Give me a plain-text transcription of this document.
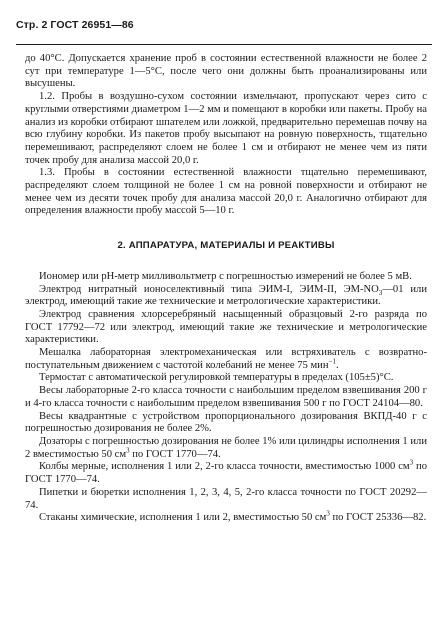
Стр. 2 ГОСТ 26951—86

до 40°С. Допускается хранение проб в состоянии естественной влажности не более 2 сут при температуре 1—5°С, после чего они должны быть проанализированы или высушены.

1.2. Пробы в воздушно-сухом состоянии измельчают, пропускают через сито с круглыми отверстиями диаметром 1—2 мм и помещают в коробки или пакеты. Пробу на анализ из коробки отбирают шпателем или ложкой, предварительно перемешав почву на всю глубину коробки. Из пакетов пробу высыпают на ровную поверхность, тщательно перемешивают, распределяют слоем не более 1 см и отбирают не менее чем из пяти точек пробу для анализа массой 20,0 г.

1.3. Пробы в состоянии естественной влажности тщательно перемешивают, распределяют слоем толщиной не более 1 см на ровной поверхности и отбирают не менее чем из десяти точек пробу для анализа массой 20,0 г. Аналогично отбирают для определения влажности пробу массой 5—10 г.

2. АППАРАТУРА, МАТЕРИАЛЫ И РЕАКТИВЫ

Иономер или рН-метр милливольтметр с погрешностью измерений не более 5 мВ.

Электрод нитратный ионоселективный типа ЭИМ-I, ЭИМ-II, $ЭМ-NO_3—01$ или электрод, имеющий такие же технические и метрологические характеристики.

Электрод сравнения хлорсеребряный насыщенный образцовый 2-го разряда по ГОСТ 17792—72 или электрод, имеющий такие же технические и метрологические характеристики.

Мешалка лабораторная электромеханическая или встряхиватель с возвратно-поступательным движением с частотой колебаний не менее 75 мин$^{-1}$.

Термостат с автоматической регулировкой температуры в пределах (105±5)°С.

Весы лабораторные 2-го класса точности с наибольшим пределом взвешивания 200 г и 4-го класса точности с наибольшим пределом взвешивания 500 г по ГОСТ 24104—80.

Весы квадрантные с устройством пропорционального дозирования ВКПД-40 г с погрешностью дозирования не более 2%.

Дозаторы с погрешностью дозирования не более 1% или цилиндры исполнения 1 или 2 вместимостью 50 $см^3$ по ГОСТ 1770—74.

Колбы мерные, исполнения 1 или 2, 2-го класса точности, вместимостью 1000 $см^3$ по ГОСТ 1770—74.

Пипетки и бюретки исполнения 1, 2, 3, 4, 5, 2-го класса точности по ГОСТ 20292—74.

Стаканы химические, исполнения 1 или 2, вместимостью 50 $см^3$ по ГОСТ 25336—82.
